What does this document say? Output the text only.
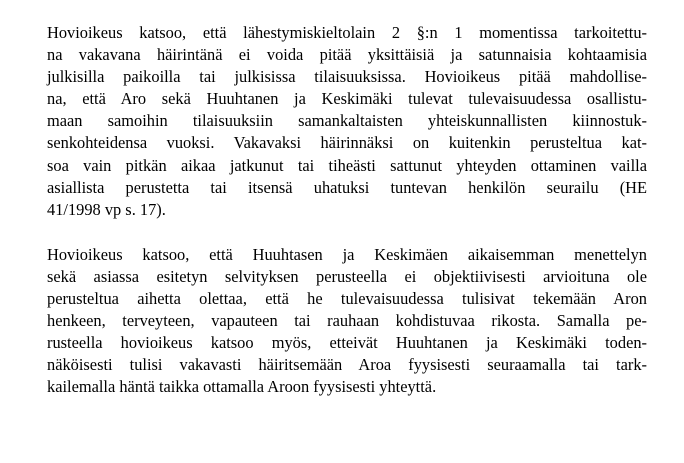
Hovioikeus katsoo, että lähestymiskieltolain 2 §:n 1 momentissa tarkoitettu-
na vakavana häirintänä ei voida pitää yksittäisiä ja satunnaisia kohtaamisia
julkisilla paikoilla tai julkisissa tilaisuuksissa. Hovioikeus pitää mahdollise-
na, että Aro sekä Huuhtanen ja Keskimäki tulevat tulevaisuudessa osallistu-
maan samoihin tilaisuuksiin samankaltaisten yhteiskunnallisten kiinnostuk-
senkohteidensa vuoksi. Vakavaksi häirinnäksi on kuitenkin perusteltua kat-
soa vain pitkän aikaa jatkunut tai tiheästi sattunut yhteyden ottaminen vailla
asiallista perustetta tai itsensä uhatuksi tuntevan henkilön seurailu (HE
41/1998 vp s. 17).
Hovioikeus katsoo, että Huuhtasen ja Keskimäen aikaisemman menettelyn
sekä asiassa esitetyn selvityksen perusteella ei objektiivisesti arvioituna ole
perusteltua aihetta olettaa, että he tulevaisuudessa tulisivat tekemään Aron
henkeen, terveyteen, vapauteen tai rauhaan kohdistuvaa rikosta. Samalla pe-
rusteella hovioikeus katsoo myös, etteivät Huuhtanen ja Keskimäki toden-
näköisesti tulisi vakavasti häiritsemään Aroa fyysisesti seuraamalla tai tark-
kailemalla häntä taikka ottamalla Aroon fyysisesti yhteyttä.
